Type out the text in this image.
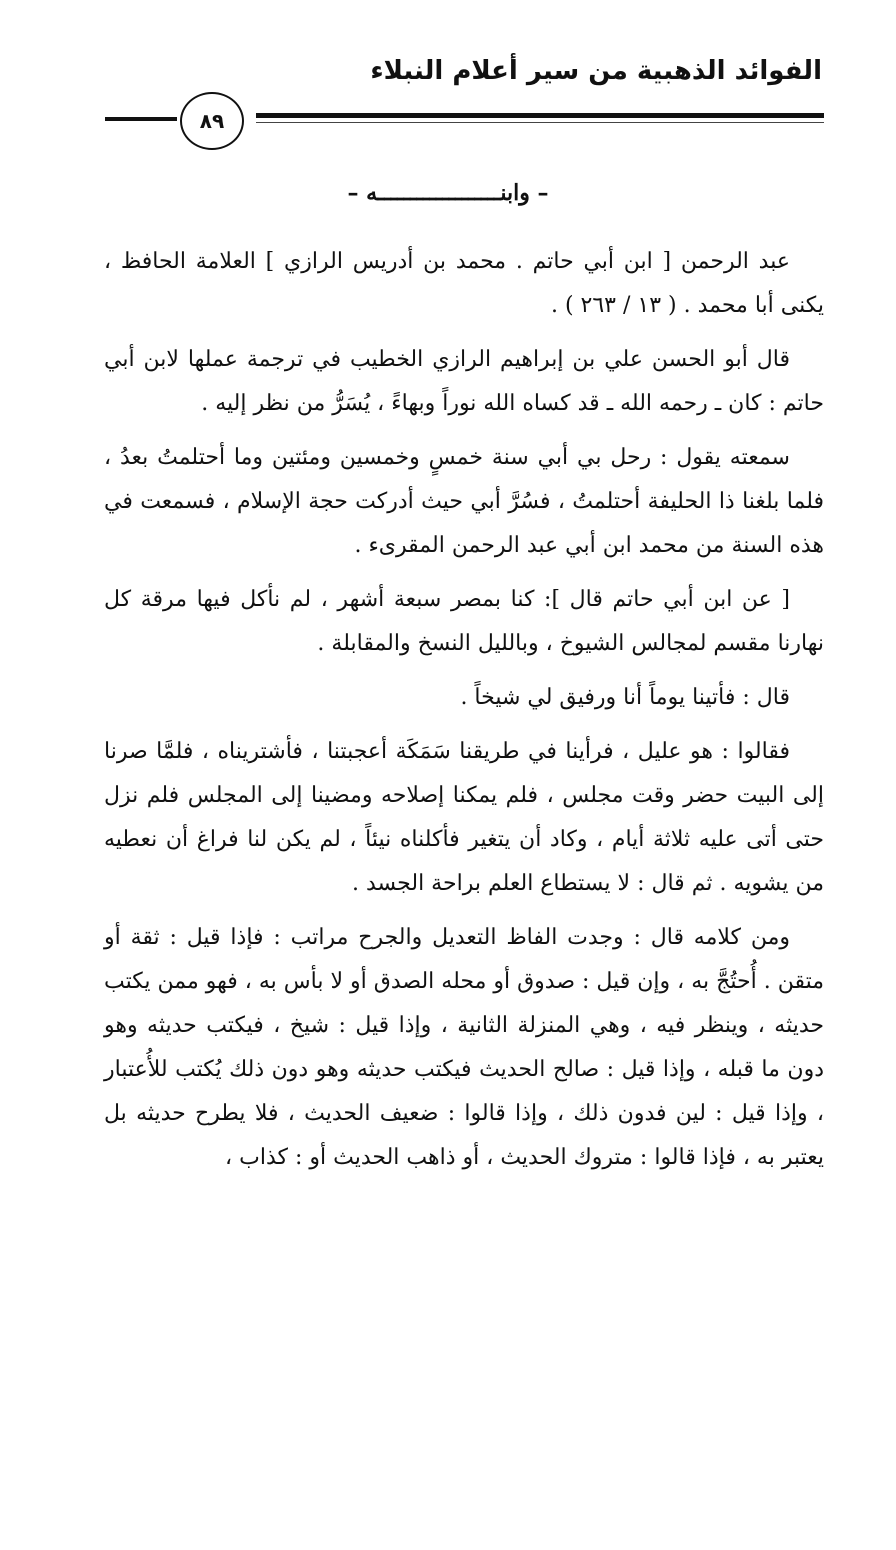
الفوائد الذهبية من سير أعلام النبلاء
٨٩
– وابنـــــــــــــــــــه –

عبد الرحمن [ ابن أبي حاتم . محمد بن أدريس الرازي ] العلامة الحافظ ، يكنى أبا محمد . ( ١٣ / ٢٦٣ ) .

قال أبو الحسن علي بن إبراهيم الرازي الخطيب في ترجمة عملها لابن أبي حاتم : كان ـ رحمه الله ـ قد كساه الله نوراً وبهاءً ، يُسَرُّ من نظر إليه .

سمعته يقول : رحل بي أبي سنة خمسٍ وخمسين ومئتين وما أحتلمتُ بعدُ ، فلما بلغنا ذا الحليفة أحتلمتُ ، فسُرَّ أبي حيث أدركت حجة الإسلام ، فسمعت في هذه السنة من محمد ابن أبي عبد الرحمن المقرىء .

[ عن ابن أبي حاتم قال ]: كنا بمصر سبعة أشهر ، لم نأكل فيها مرقة كل نهارنا مقسم لمجالس الشيوخ ، وبالليل النسخ والمقابلة .

قال : فأتينا يوماً أنا ورفيق لي شيخاً .

فقالوا : هو عليل ، فرأينا في طريقنا سَمَكَة أعجبتنا ، فأشتريناه ، فلمَّا صرنا إلى البيت حضر وقت مجلس ، فلم يمكنا إصلاحه ومضينا إلى المجلس فلم نزل حتى أتى عليه ثلاثة أيام ، وكاد أن يتغير فأكلناه نيئاً ، لم يكن لنا فراغ أن نعطيه من يشويه . ثم قال : لا يستطاع العلم براحة الجسد .

ومن كلامه قال : وجدت الفاظ التعديل والجرح مراتب : فإذا قيل : ثقة أو متقن . أُحتُجَّ به ، وإن قيل : صدوق أو محله الصدق أو لا بأس به ، فهو ممن يكتب حديثه ، وينظر فيه ، وهي المنزلة الثانية ، وإذا قيل : شيخ ، فيكتب حديثه وهو دون ما قبله ، وإذا قيل : صالح الحديث فيكتب حديثه وهو دون ذلك يُكتب للأُعتبار ، وإذا قيل : لين فدون ذلك ، وإذا قالوا : ضعيف الحديث ، فلا يطرح حديثه بل يعتبر به ، فإذا قالوا : متروك الحديث ، أو ذاهب الحديث أو : كذاب ،
